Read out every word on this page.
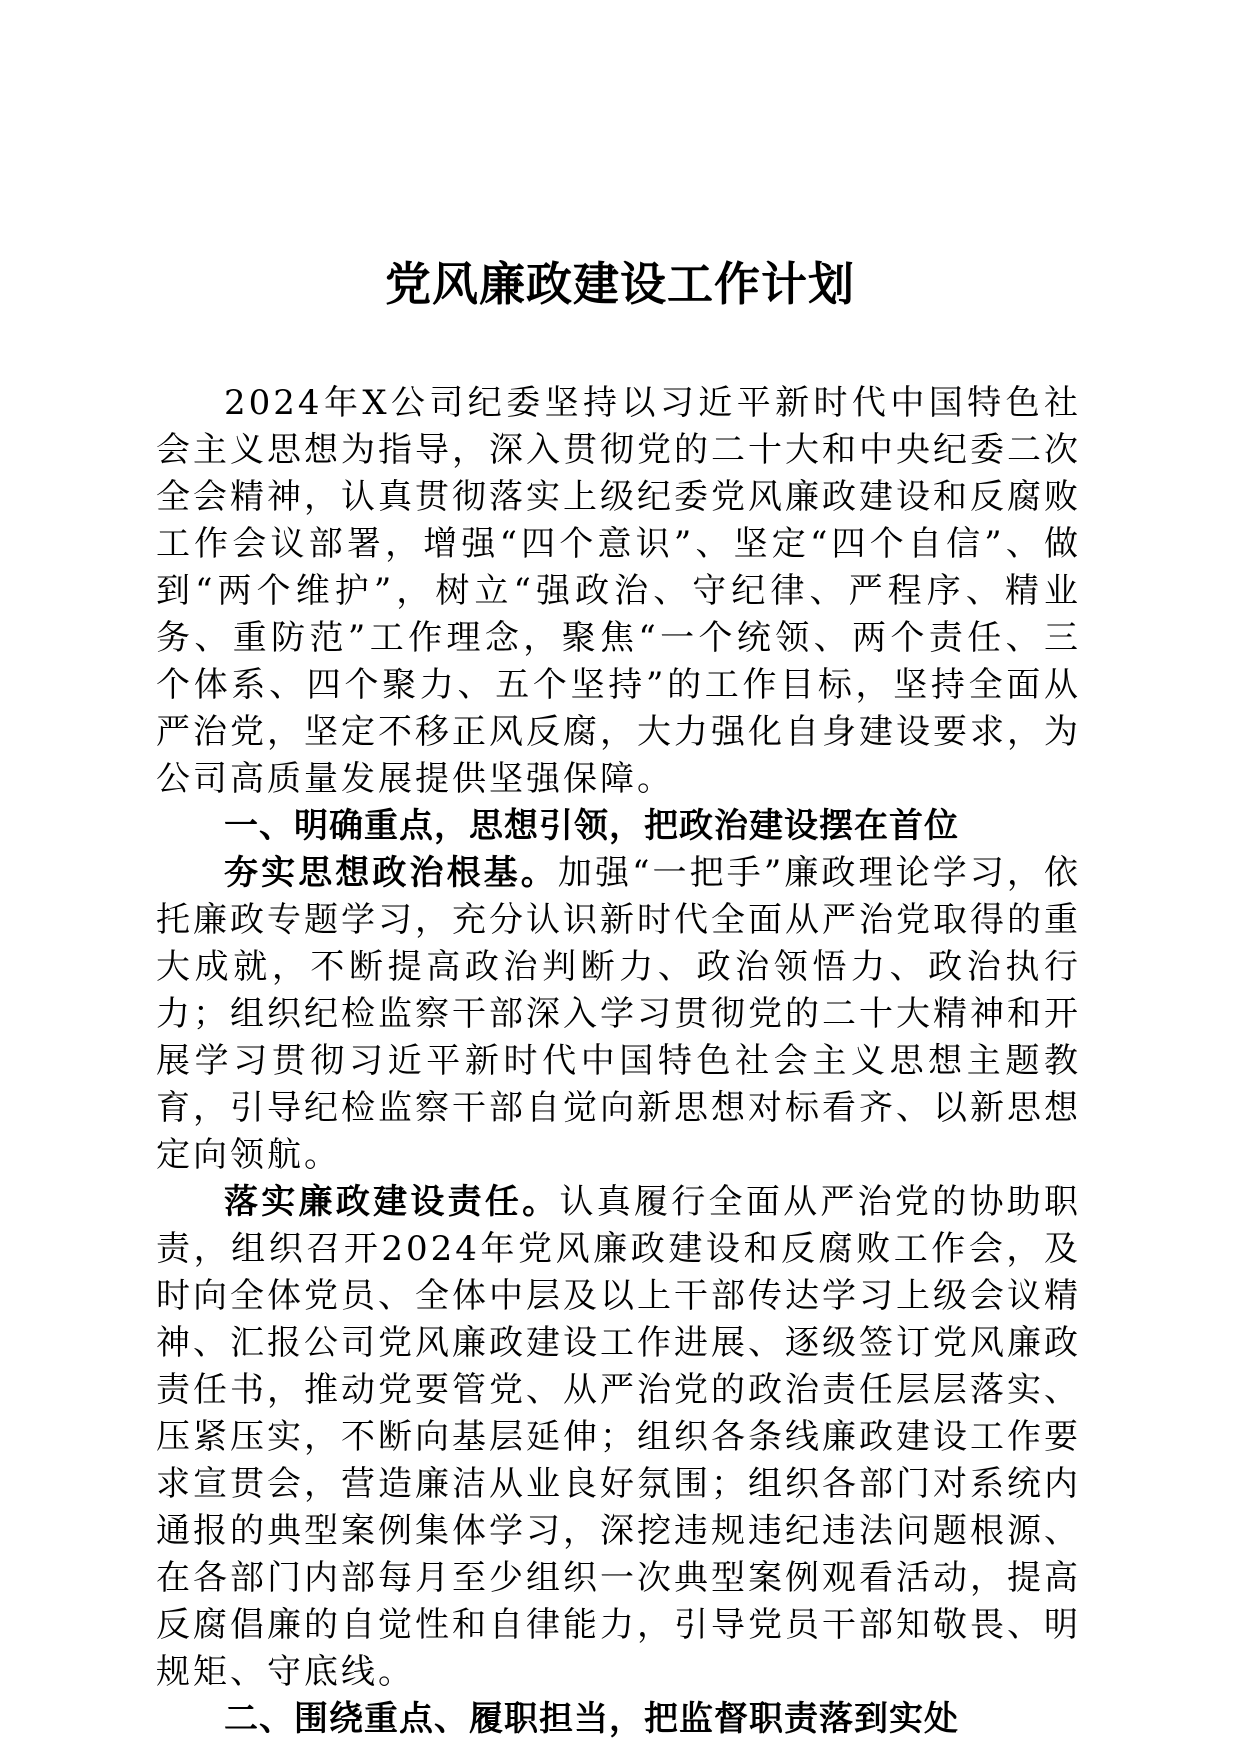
党风廉政建设工作计划

2024年X公司纪委坚持以习近平新时代中国特色社会主义思想为指导，深入贯彻党的二十大和中央纪委二次全会精神，认真贯彻落实上级纪委党风廉政建设和反腐败工作会议部署，增强“四个意识”、坚定“四个自信”、做到“两个维护”，树立“强政治、守纪律、严程序、精业务、重防范”工作理念，聚焦“一个统领、两个责任、三个体系、四个聚力、五个坚持”的工作目标，坚持全面从严治党，坚定不移正风反腐，大力强化自身建设要求，为公司高质量发展提供坚强保障。

一、明确重点，思想引领，把政治建设摆在首位

夯实思想政治根基。加强“一把手”廉政理论学习，依托廉政专题学习，充分认识新时代全面从严治党取得的重大成就，不断提高政治判断力、政治领悟力、政治执行力；组织纪检监察干部深入学习贯彻党的二十大精神和开展学习贯彻习近平新时代中国特色社会主义思想主题教育，引导纪检监察干部自觉向新思想对标看齐、以新思想定向领航。

落实廉政建设责任。认真履行全面从严治党的协助职责，组织召开2024年党风廉政建设和反腐败工作会，及时向全体党员、全体中层及以上干部传达学习上级会议精神、汇报公司党风廉政建设工作进展、逐级签订党风廉政责任书，推动党要管党、从严治党的政治责任层层落实、压紧压实，不断向基层延伸；组织各条线廉政建设工作要求宣贯会，营造廉洁从业良好氛围；组织各部门对系统内通报的典型案例集体学习，深挖违规违纪违法问题根源、在各部门内部每月至少组织一次典型案例观看活动，提高反腐倡廉的自觉性和自律能力，引导党员干部知敬畏、明规矩、守底线。

二、围绕重点、履职担当，把监督职责落到实处
